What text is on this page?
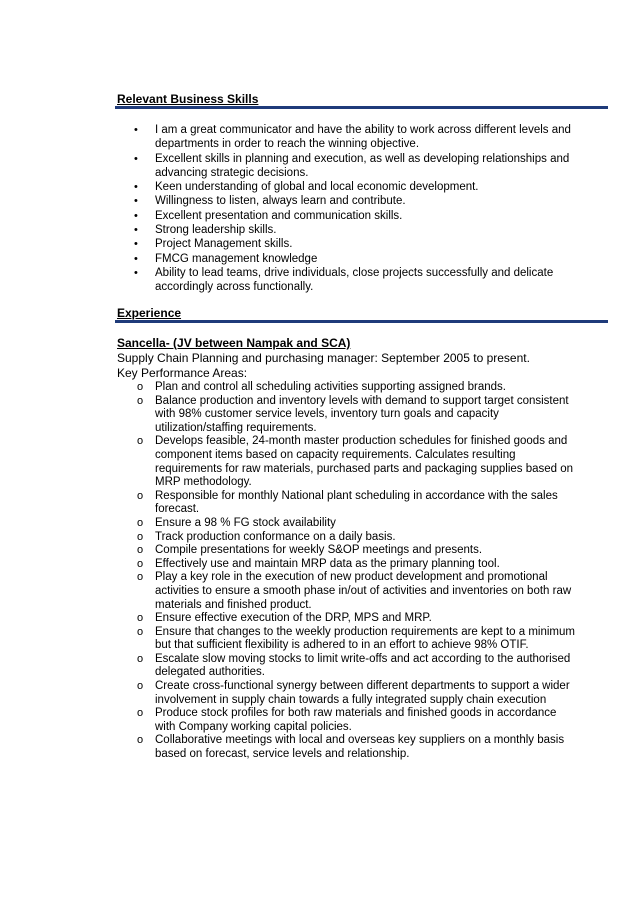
Relevant Business Skills
• I am a great communicator and have the ability to work across different levels and departments in order to reach the winning objective.
• Excellent skills in planning and execution, as well as developing relationships and advancing strategic decisions.
• Keen understanding of global and local economic development.
• Willingness to listen, always learn and contribute.
• Excellent presentation and communication skills.
• Strong leadership skills.
• Project Management skills.
• FMCG management knowledge
• Ability to lead teams, drive individuals, close projects successfully and delicate accordingly across functionally.
Experience
Sancella- (JV between Nampak and SCA)
Supply Chain Planning and purchasing manager: September 2005 to present.
Key Performance Areas:
o Plan and control all scheduling activities supporting assigned brands.
o Balance production and inventory levels with demand to support target consistent with 98% customer service levels, inventory turn goals and capacity utilization/staffing requirements.
o Develops feasible, 24-month master production schedules for finished goods and component items based on capacity requirements. Calculates resulting requirements for raw materials, purchased parts and packaging supplies based on MRP methodology.
o Responsible for monthly National plant scheduling in accordance with the sales forecast.
o Ensure a 98 % FG stock availability
o Track production conformance on a daily basis.
o Compile presentations for weekly S&OP meetings and presents.
o Effectively use and maintain MRP data as the primary planning tool.
o Play a key role in the execution of new product development and promotional activities to ensure a smooth phase in/out of activities and inventories on both raw materials and finished product.
o Ensure effective execution of the DRP, MPS and MRP.
o Ensure that changes to the weekly production requirements are kept to a minimum but that sufficient flexibility is adhered to in an effort to achieve 98% OTIF.
o Escalate slow moving stocks to limit write-offs and act according to the authorised delegated authorities.
o Create cross-functional synergy between different departments to support a wider involvement in supply chain towards a fully integrated supply chain execution
o Produce stock profiles for both raw materials and finished goods in accordance with Company working capital policies.
o Collaborative meetings with local and overseas key suppliers on a monthly basis based on forecast, service levels and relationship.
